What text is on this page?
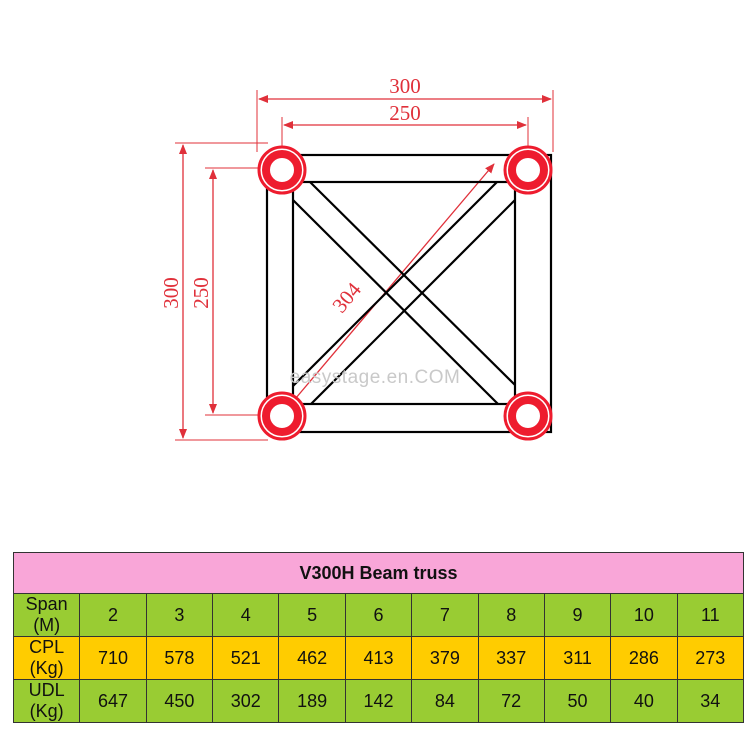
300
250
300 250	304
easystage.en.COM
V300H Beam truss										
Span (M)	2	3	4	5	6	7	8	9	10	11
CPL (Kg)	710	578	521	462	413	379	337	311	286	273
UDL (Kg)	647	450	302	189	142	84	72	50	40	34
